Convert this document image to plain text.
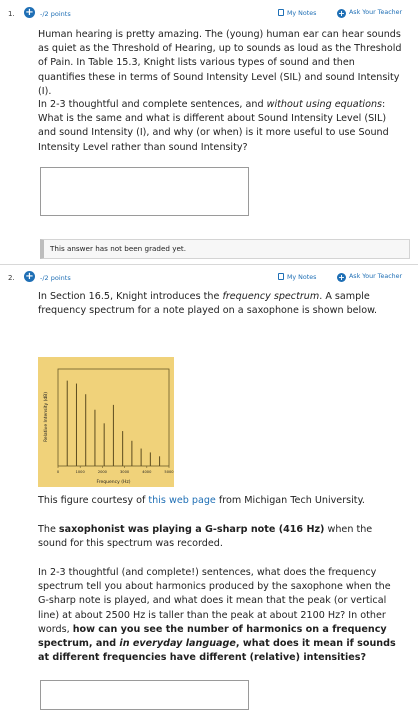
1. + -/2 points	My Notes	+ Ask Your Teacher

Human hearing is pretty amazing. The (young) human ear can hear sounds as quiet as the Threshold of Hearing, up to sounds as loud as the Threshold of Pain. In Table 15.3, Knight lists various types of sound and then quantifies these in terms of Sound Intensity Level (SIL) and sound Intensity (I).

In 2-3 thoughtful and complete sentences, and without using equations: What is the same and what is different about Sound Intensity Level (SIL) and sound Intensity (I), and why (or when) is it more useful to use Sound Intensity Level rather than sound Intensity?

This answer has not been graded yet.
2. + -/2 points	My Notes	+ Ask Your Teacher

In Section 16.5, Knight introduces the frequency spectrum. A sample frequency spectrum for a note played on a saxophone is shown below.

0	1000	2000	3000	4000	5000
Frequency (Hz)
Relative Intensity (dB)

This figure courtesy of this web page from Michigan Tech University.

The saxophonist was playing a G-sharp note (416 Hz) when the sound for this spectrum was recorded.

In 2-3 thoughtful (and complete!) sentences, what does the frequency spectrum tell you about harmonics produced by the saxophone when the G-sharp note is played, and what does it mean that the peak (or vertical line) at about 2500 Hz is taller than the peak at about 2100 Hz? In other words, how can you see the number of harmonics on a frequency spectrum, and in everyday language, what does it mean if sounds at different frequencies have different (relative) intensities?
